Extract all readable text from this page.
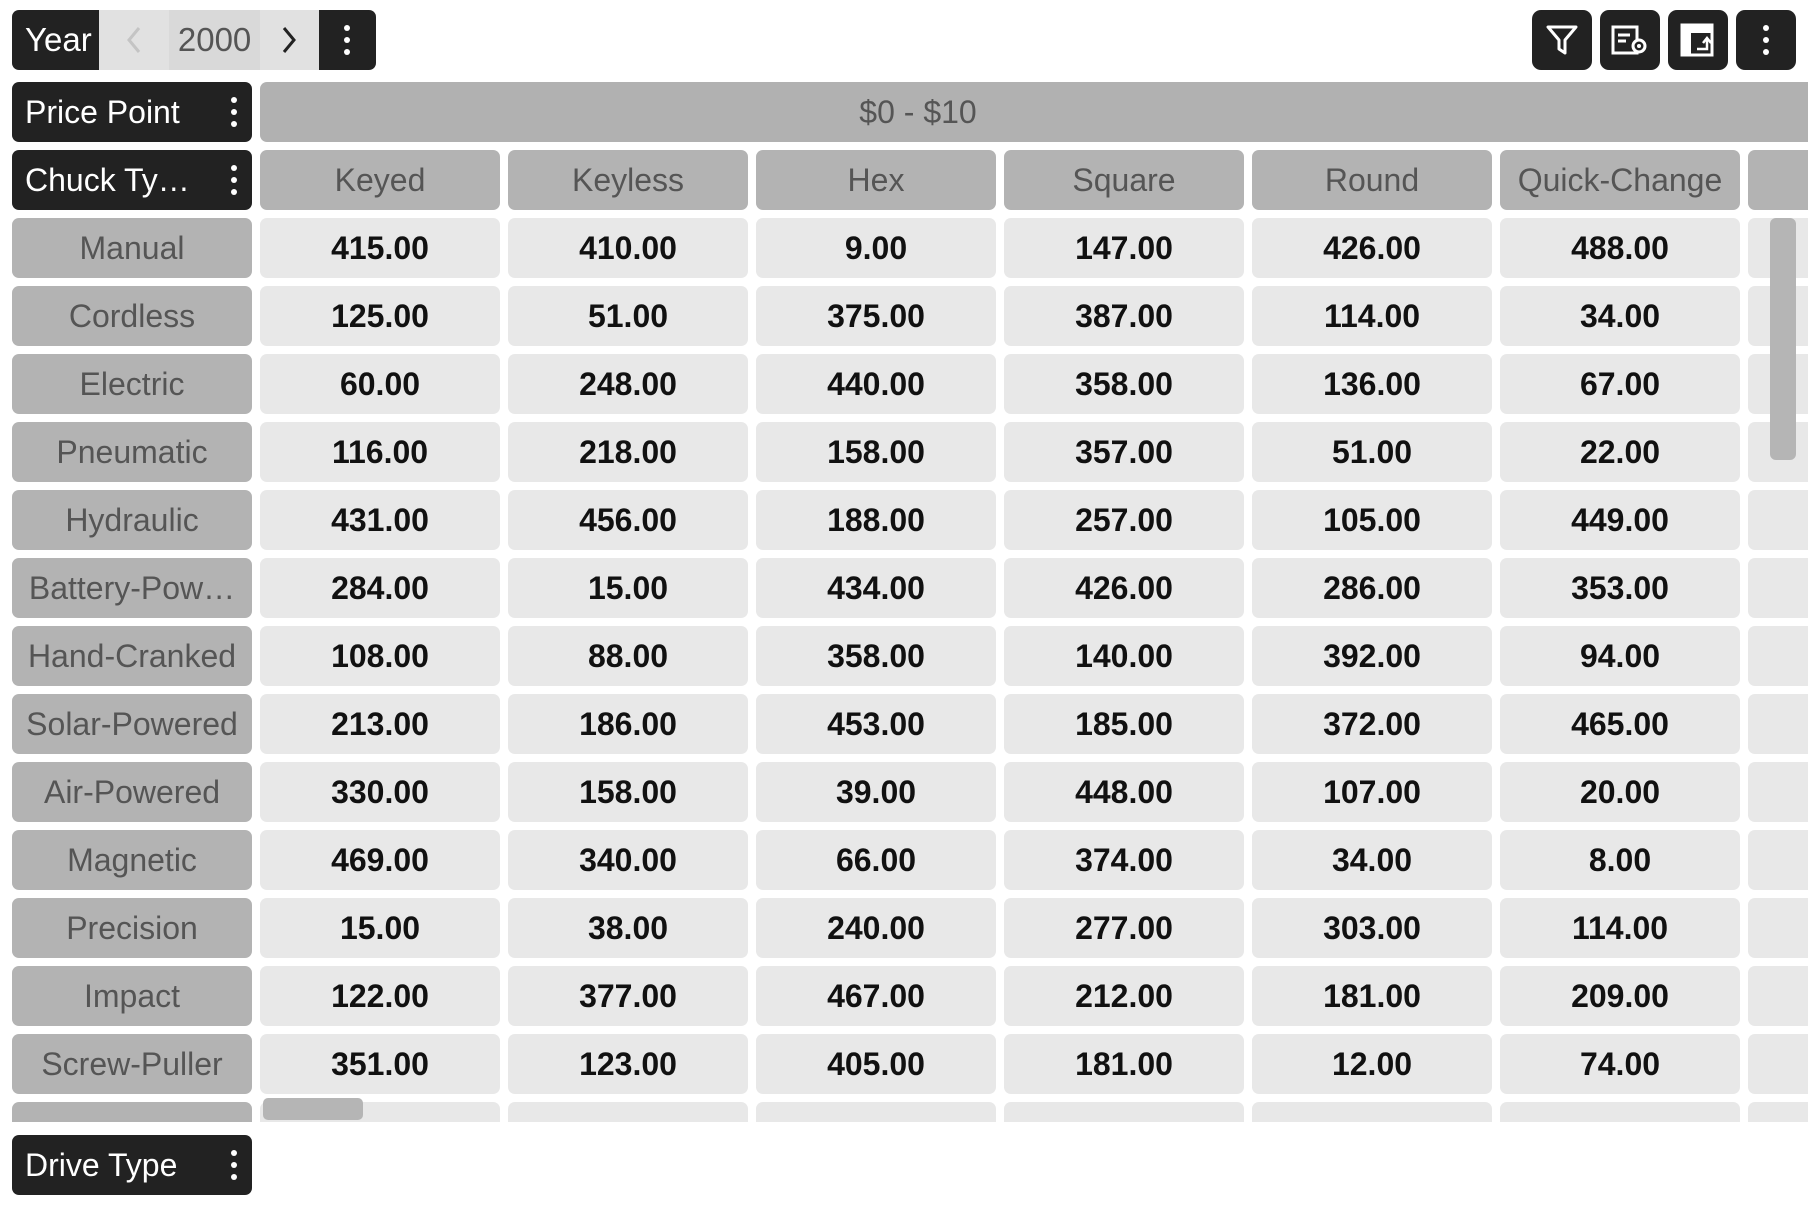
Year	2000
Price Point	$0 - $10
Chuck Ty…	Keyed	Keyless	Hex	Square	Round	Quick-Change
Manual	415.00	410.00	9.00	147.00	426.00	488.00
Cordless	125.00	51.00	375.00	387.00	114.00	34.00
Electric	60.00	248.00	440.00	358.00	136.00	67.00
Pneumatic	116.00	218.00	158.00	357.00	51.00	22.00
Hydraulic	431.00	456.00	188.00	257.00	105.00	449.00
Battery-Pow…	284.00	15.00	434.00	426.00	286.00	353.00
Hand-Cranked	108.00	88.00	358.00	140.00	392.00	94.00
Solar-Powered	213.00	186.00	453.00	185.00	372.00	465.00
Air-Powered	330.00	158.00	39.00	448.00	107.00	20.00
Magnetic	469.00	340.00	66.00	374.00	34.00	8.00
Precision	15.00	38.00	240.00	277.00	303.00	114.00
Impact	122.00	377.00	467.00	212.00	181.00	209.00
Screw-Puller	351.00	123.00	405.00	181.00	12.00	74.00
Drive Type
